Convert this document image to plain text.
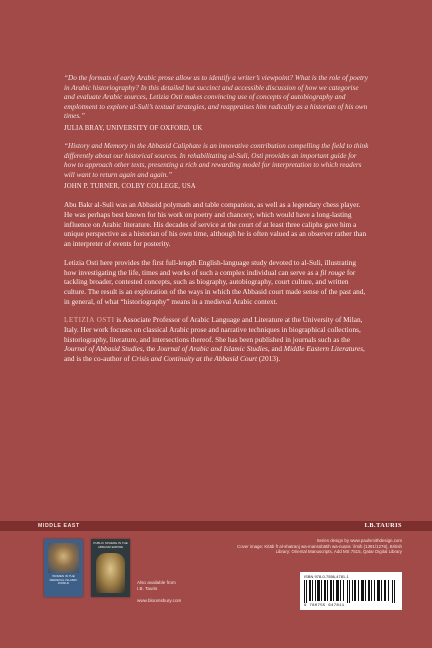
“Do the formats of early Arabic prose allow us to identify a writer’s viewpoint? What is the role of poetry in Arabic historiography? In this detailed but succinct and accessible discussion of how we categorise and evaluate Arabic sources, Letizia Osti makes convincing use of concepts of autobiography and emplotment to explore al-Suli’s textual strategies, and reappraises him radically as a historian of his own times.”

JULIA BRAY, UNIVERSITY OF OXFORD, UK

“History and Memory in the Abbasid Caliphate is an innovative contribution compelling the field to think differently about our historical sources. In rehabilitating al-Suli, Osti provides an important guide for how to approach other texts, presenting a rich and rewarding model for interpretation to which readers will want to return again and again.”

JOHN P. TURNER, COLBY COLLEGE, USA

Abu Bakr al-Suli was an Abbasid polymath and table companion, as well as a legendary chess player. He was perhaps best known for his work on poetry and chancery, which would have a long-lasting influence on Arabic literature. His decades of service at the court of at least three caliphs gave him a unique perspective as a historian of his own time, although he is often valued as an observer rather than an interpreter of events for posterity.

Letizia Osti here provides the first full-length English-language study devoted to al-Suli, illustrating how investigating the life, times and works of such a complex individual can serve as a fil rouge for tackling broader, contested concepts, such as biography, autobiography, court culture, and written culture. The result is an exploration of the ways in which the Abbasid court made sense of the past and, in general, of what “historiography” means in a medieval Arabic context.

LETIZIA OSTI is Associate Professor of Arabic Language and Literature at the University of Milan, Italy. Her work focuses on classical Arabic prose and narrative techniques in biographical collections, historiography, literature, and intersections thereof. She has been published in journals such as the Journal of Abbasid Studies, the Journal of Arabic and Islamic Studies, and Middle Eastern Literatures, and is the co-author of Crisis and Continuity at the Abbasid Court (2013).

MIDDLE EAST	I.B.TAURIS
WOMEN IN THE MEDIEVAL ISLAMIC WORLD
PUBLIC SPHERE IN THE ABBASID EMPIRE
Also available from
I.B. Tauris
www.bloomsbury.com
Series design by www.paulsmithdesign.com
Cover image: Kitāb fī al-shatranj wa-mansūbātih wa-nuṣūs ʿilmih (1391/1276), British
Library: Oriental Manuscripts, Add MS 7515, Qatar Digital Library
ISBN 978-0-7556-4781-1
9 780755 647811
